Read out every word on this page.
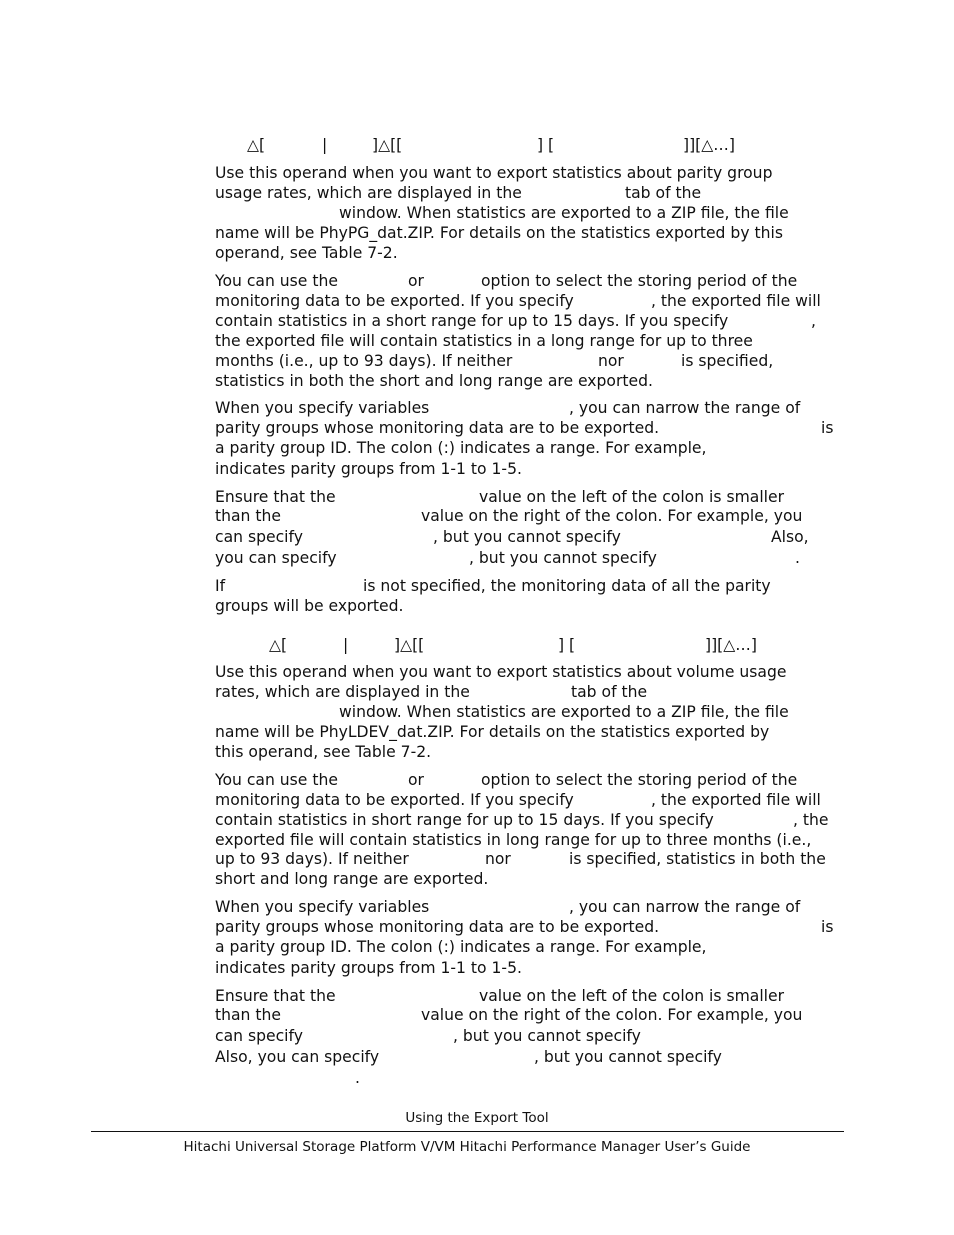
△[	|	]△[[	] [	]][△…]
Use this operand when you want to export statistics about parity group
usage rates, which are displayed in the	tab of the
window. When statistics are exported to a ZIP file, the file
name will be PhyPG_dat.ZIP. For details on the statistics exported by this
operand, see Table 7-2.
You can use the	or	option to select the storing period of the
monitoring data to be exported. If you specify	, the exported file will
contain statistics in a short range for up to 15 days. If you specify	,
the exported file will contain statistics in a long range for up to three
months (i.e., up to 93 days). If neither	nor	is specified,
statistics in both the short and long range are exported.
When you specify variables	, you can narrow the range of
parity groups whose monitoring data are to be exported.	is
a parity group ID. The colon (:) indicates a range. For example,
indicates parity groups from 1-1 to 1-5.
Ensure that the	value on the left of the colon is smaller
than the	value on the right of the colon. For example, you
can specify	, but you cannot specify	Also,
you can specify	, but you cannot specify	.
If	is not specified, the monitoring data of all the parity
groups will be exported.
△[	|	]△[[	] [	]][△…]
Use this operand when you want to export statistics about volume usage
rates, which are displayed in the	tab of the
window. When statistics are exported to a ZIP file, the file
name will be PhyLDEV_dat.ZIP. For details on the statistics exported by
this operand, see Table 7-2.
You can use the	or	option to select the storing period of the
monitoring data to be exported. If you specify	, the exported file will
contain statistics in short range for up to 15 days. If you specify	, the
exported file will contain statistics in long range for up to three months (i.e.,
up to 93 days). If neither	nor	is specified, statistics in both the
short and long range are exported.
When you specify variables	, you can narrow the range of
parity groups whose monitoring data are to be exported.	is
a parity group ID. The colon (:) indicates a range. For example,
indicates parity groups from 1-1 to 1-5.
Ensure that the	value on the left of the colon is smaller
than the	value on the right of the colon. For example, you
can specify	, but you cannot specify
Also, you can specify	, but you cannot specify
.
Using the Export Tool
Hitachi Universal Storage Platform V/VM Hitachi Performance Manager User’s Guide
